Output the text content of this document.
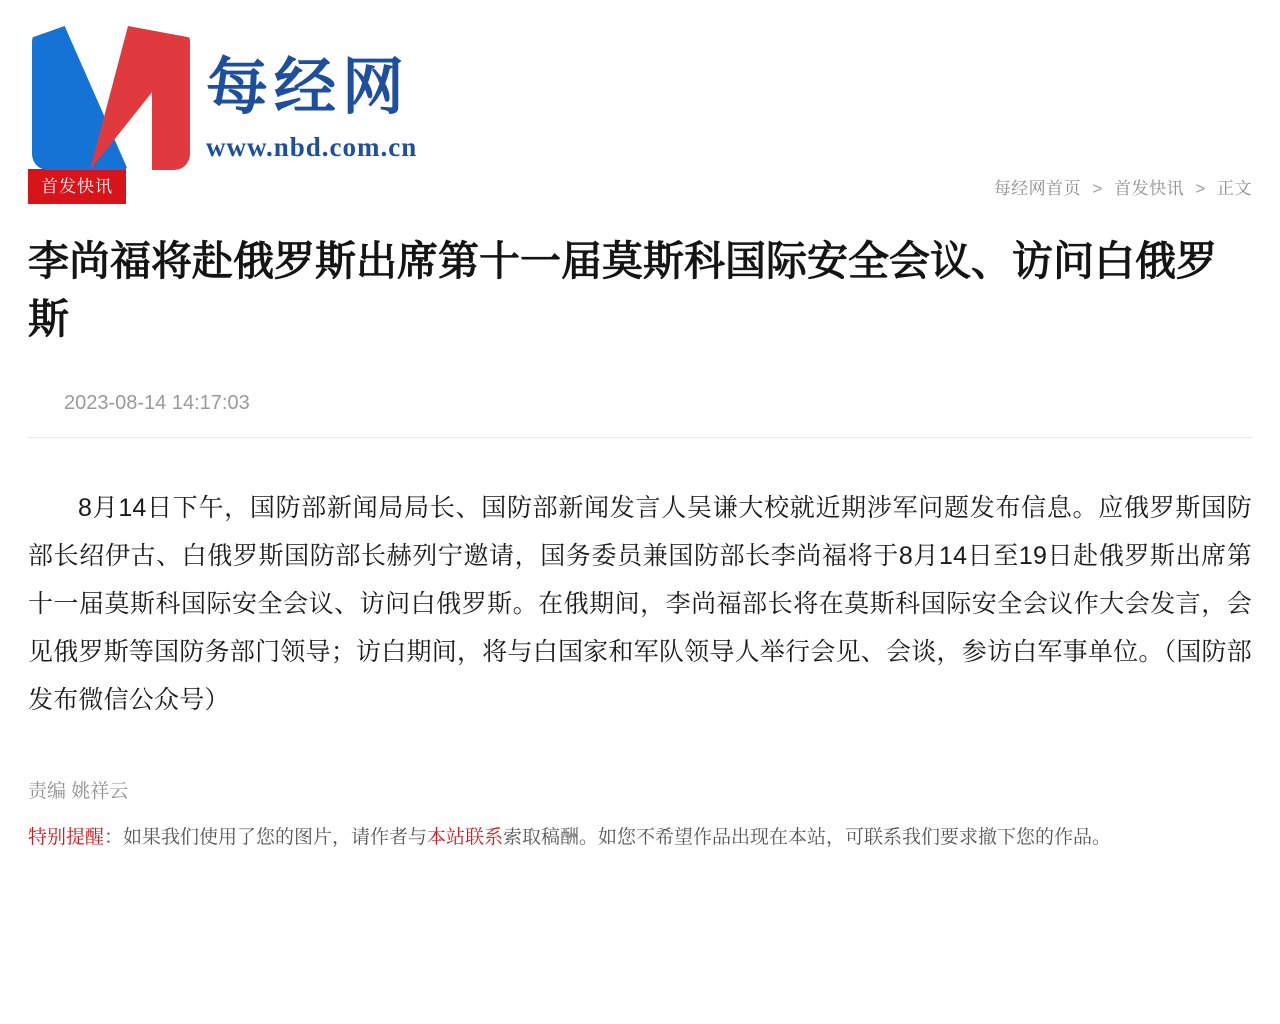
每经网
www.nbd.com.cn
首发快讯	每经网首页 > 首发快讯 > 正文
李尚福将赴俄罗斯出席第十一届莫斯科国际安全会议、访问白俄罗斯
2023-08-14 14:17:03

8月14日下午，国防部新闻局局长、国防部新闻发言人吴谦大校就近期涉军问题发布信息。应俄罗斯国防部长绍伊古、白俄罗斯国防部长赫列宁邀请，国务委员兼国防部长李尚福将于8月14日至19日赴俄罗斯出席第十一届莫斯科国际安全会议、访问白俄罗斯。在俄期间，李尚福部长将在莫斯科国际安全会议作大会发言，会见俄罗斯等国防务部门领导；访白期间，将与白国家和军队领导人举行会见、会谈，参访白军事单位。（国防部发布微信公众号）

责编 姚祥云
特别提醒：如果我们使用了您的图片，请作者与本站联系索取稿酬。如您不希望作品出现在本站，可联系我们要求撤下您的作品。
